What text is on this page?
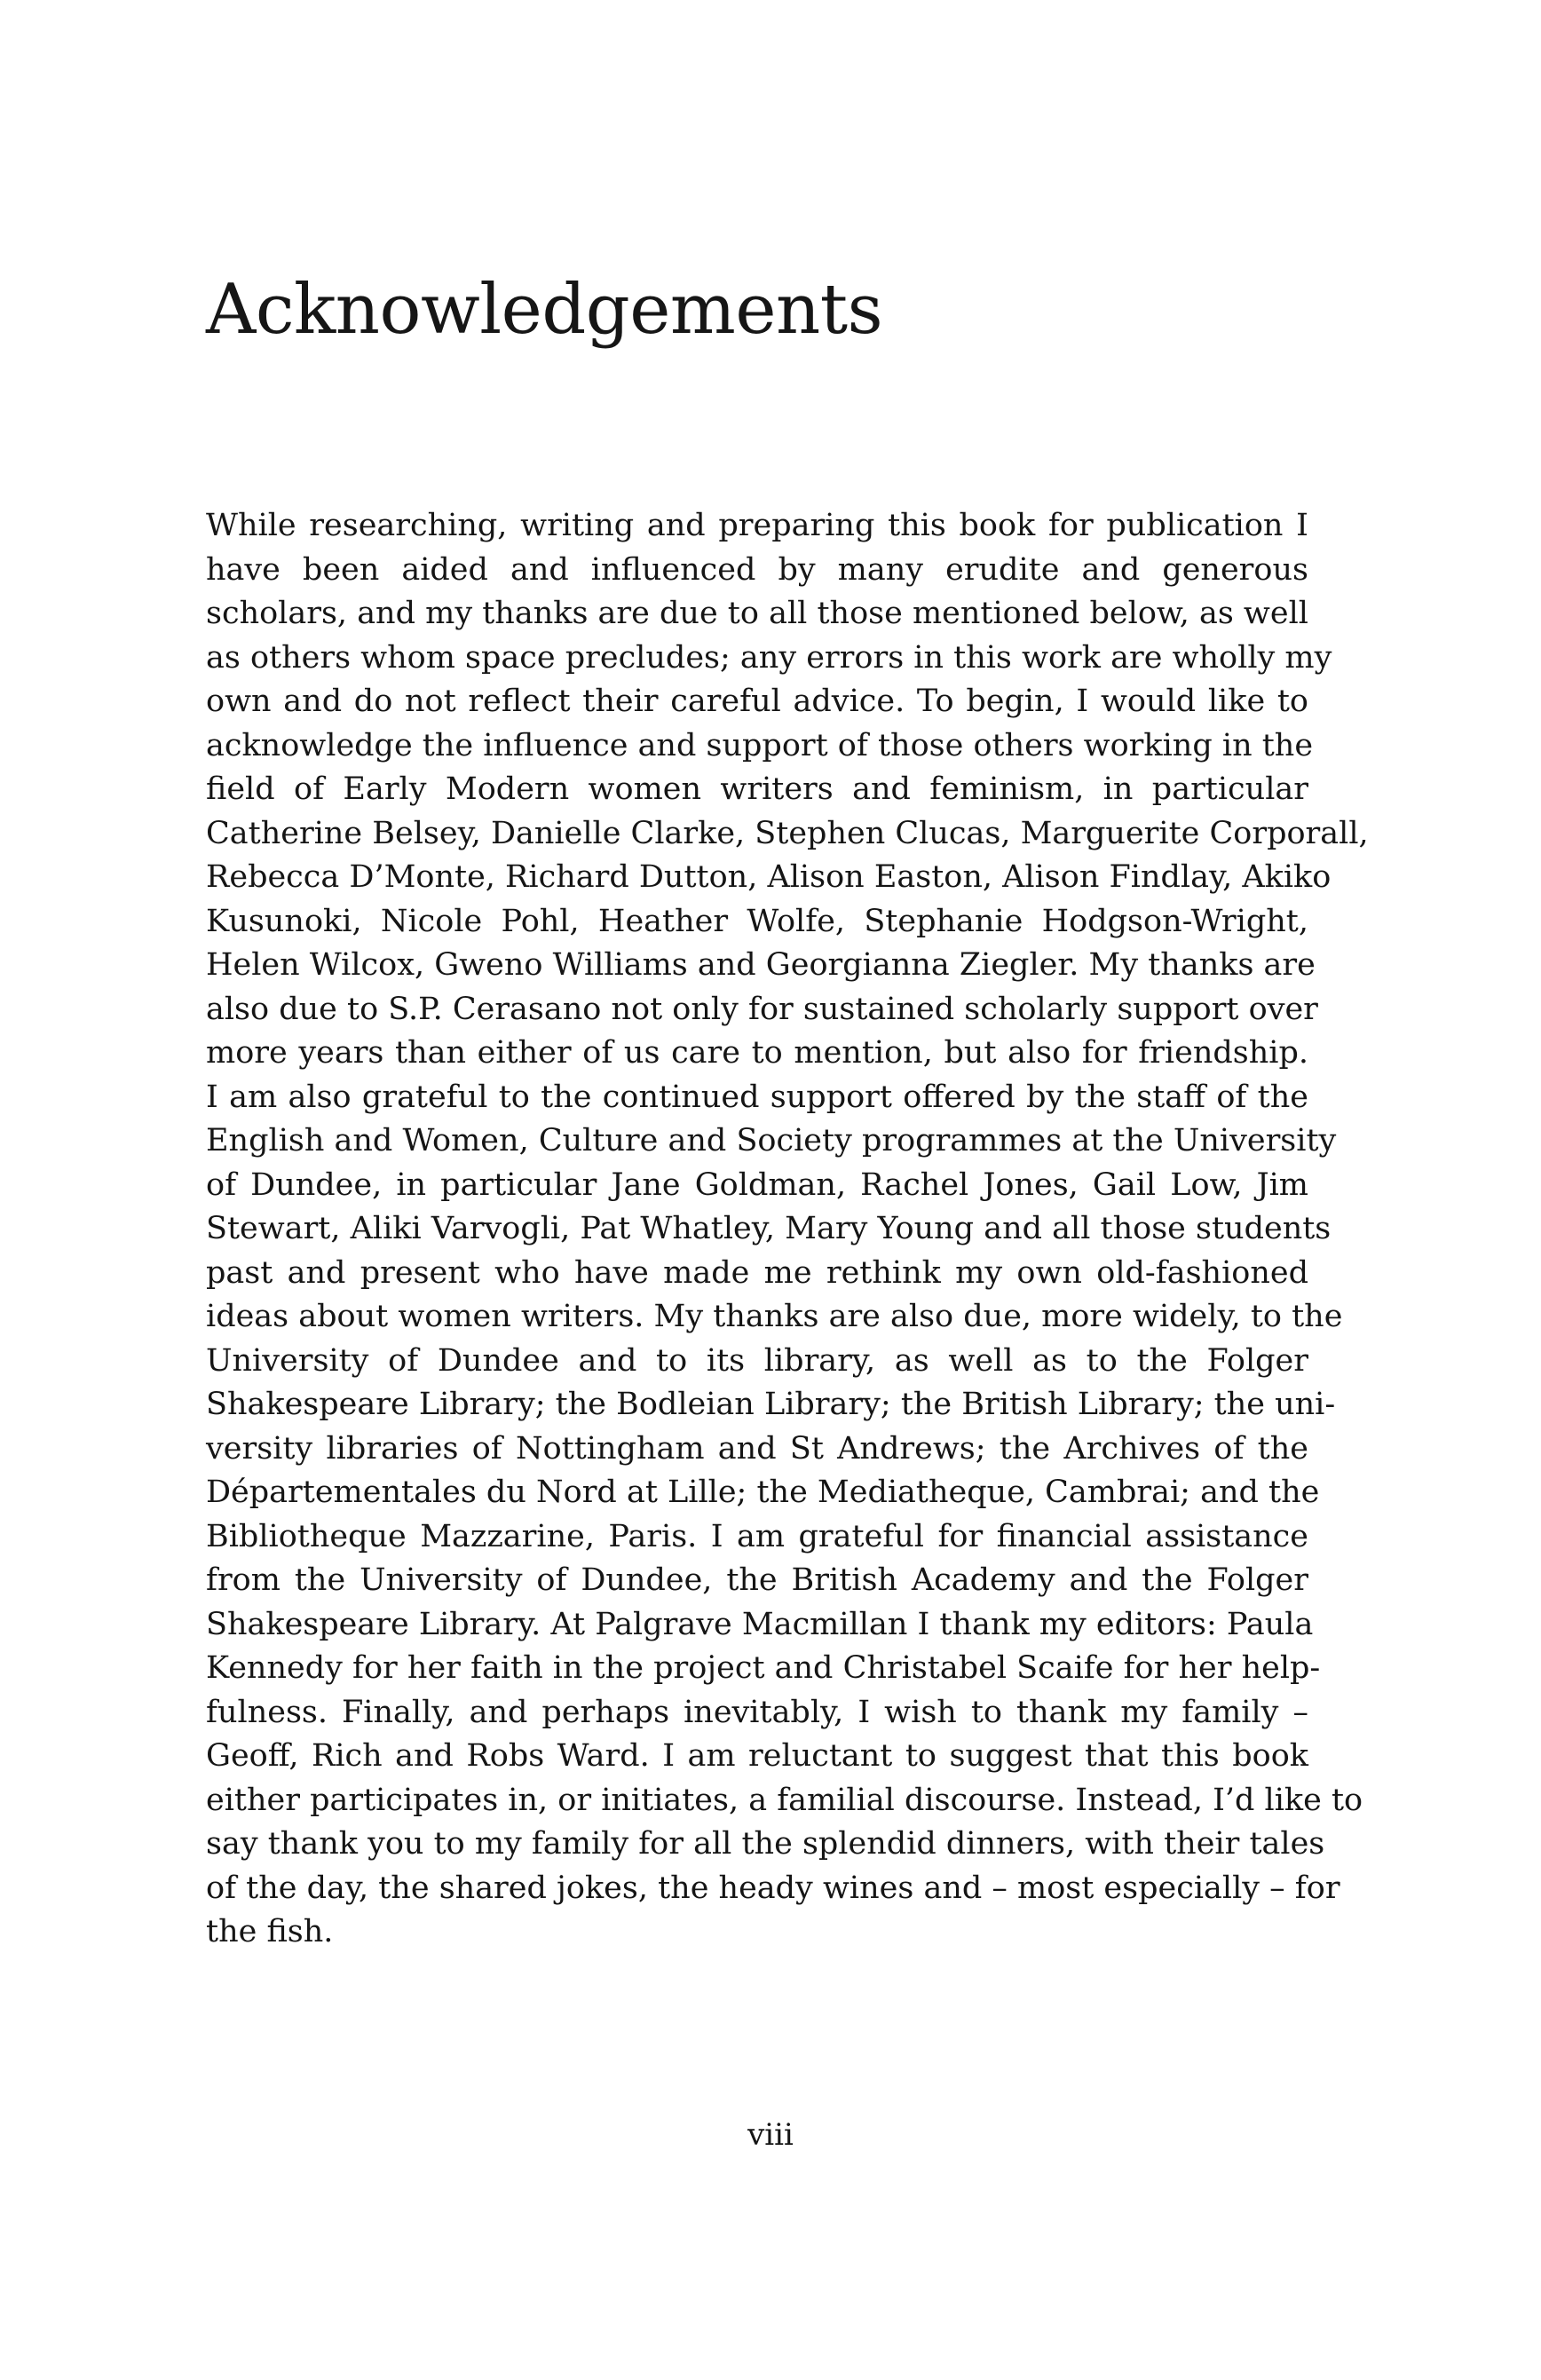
Acknowledgements
While researching, writing and preparing this book for publication I
have been aided and influenced by many erudite and generous
scholars, and my thanks are due to all those mentioned below, as well
as others whom space precludes; any errors in this work are wholly my
own and do not reflect their careful advice. To begin, I would like to
acknowledge the influence and support of those others working in the
field of Early Modern women writers and feminism, in particular
Catherine Belsey, Danielle Clarke, Stephen Clucas, Marguerite Corporall,
Rebecca D’Monte, Richard Dutton, Alison Easton, Alison Findlay, Akiko
Kusunoki, Nicole Pohl, Heather Wolfe, Stephanie Hodgson-Wright,
Helen Wilcox, Gweno Williams and Georgianna Ziegler. My thanks are
also due to S.P. Cerasano not only for sustained scholarly support over
more years than either of us care to mention, but also for friendship.
I am also grateful to the continued support offered by the staff of the
English and Women, Culture and Society programmes at the University
of Dundee, in particular Jane Goldman, Rachel Jones, Gail Low, Jim
Stewart, Aliki Varvogli, Pat Whatley, Mary Young and all those students
past and present who have made me rethink my own old-fashioned
ideas about women writers. My thanks are also due, more widely, to the
University of Dundee and to its library, as well as to the Folger
Shakespeare Library; the Bodleian Library; the British Library; the uni-
versity libraries of Nottingham and St Andrews; the Archives of the
Départementales du Nord at Lille; the Mediatheque, Cambrai; and the
Bibliotheque Mazzarine, Paris. I am grateful for financial assistance
from the University of Dundee, the British Academy and the Folger
Shakespeare Library. At Palgrave Macmillan I thank my editors: Paula
Kennedy for her faith in the project and Christabel Scaife for her help-
fulness. Finally, and perhaps inevitably, I wish to thank my family –
Geoff, Rich and Robs Ward. I am reluctant to suggest that this book
either participates in, or initiates, a familial discourse. Instead, I’d like to
say thank you to my family for all the splendid dinners, with their tales
of the day, the shared jokes, the heady wines and – most especially – for
the fish.
viii
